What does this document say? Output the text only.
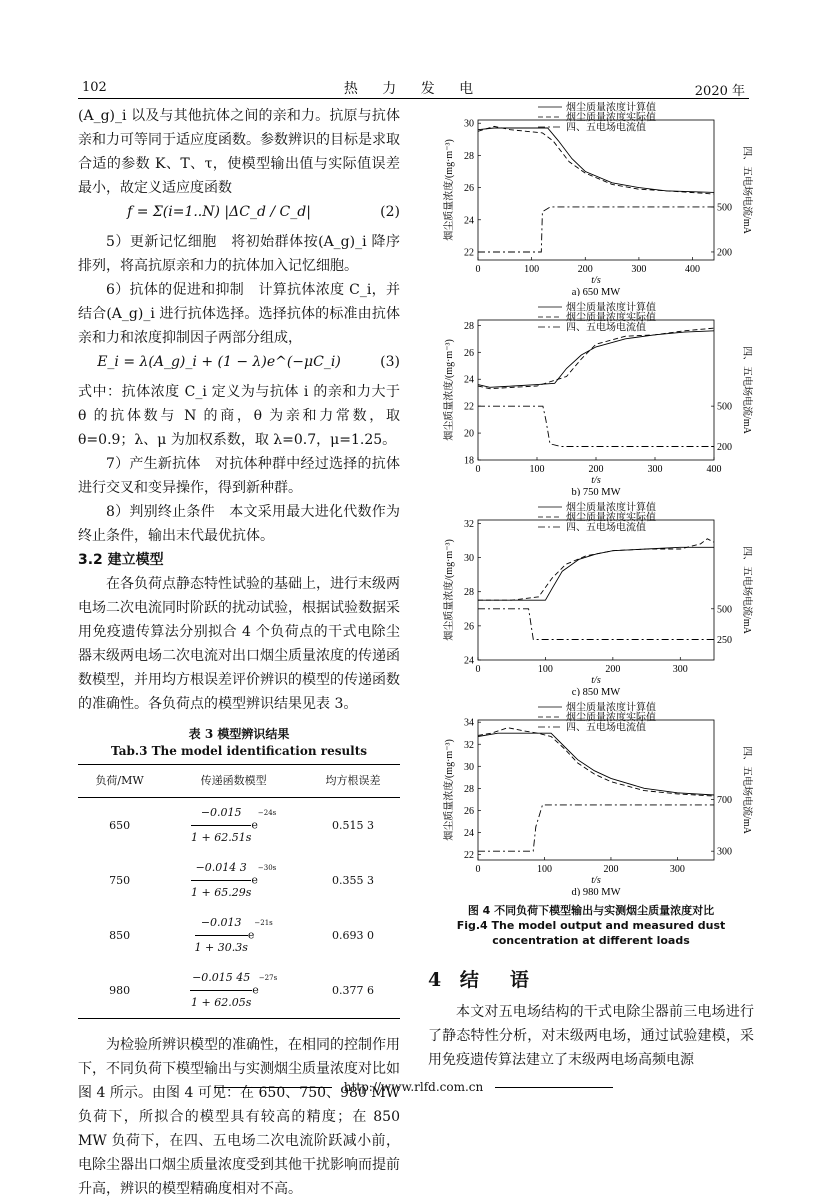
102	热 力 发 电	2020 年

(A_g)_i 以及与其他抗体之间的亲和力。抗原与抗体亲和力可等同于适应度函数。参数辨识的目标是求取合适的参数 K、T、τ，使模型输出值与实际值误差最小，故定义适应度函数

f = Σ(i=1..N) |ΔC_d / C_d|	(2)

5）更新记忆细胞　将初始群体按(A_g)_i 降序排列，将高抗原亲和力的抗体加入记忆细胞。

6）抗体的促进和抑制　计算抗体浓度 C_i，并结合(A_g)_i 进行抗体选择。选择抗体的标准由抗体亲和力和浓度抑制因子两部分组成，

E_i = λ(A_g)_i + (1 − λ)e^(−μC_i)	(3)

式中：抗体浓度 C_i 定义为与抗体 i 的亲和力大于 θ 的抗体数与 N 的商，θ 为亲和力常数，取 θ=0.9；λ、μ 为加权系数，取 λ=0.7，μ=1.25。

7）产生新抗体　对抗体种群中经过选择的抗体进行交叉和变异操作，得到新种群。

8）判别终止条件　本文采用最大进化代数作为终止条件，输出末代最优抗体。

3.2 建立模型

在各负荷点静态特性试验的基础上，进行末级两电场二次电流同时阶跃的扰动试验，根据试验数据采用免疫遗传算法分别拟合 4 个负荷点的干式电除尘器末级两电场二次电流对出口烟尘质量浓度的传递函数模型，并用均方根误差评价辨识的模型的传递函数的准确性。各负荷点的模型辨识结果见表 3。

表 3 模型辨识结果
Tab.3 The model identification results
负荷/MW	传递函数模型	均方根误差
650	$\frac{-0.015}{1 + 62.51s} e-24s$	0.515 3
750	$\frac{-0.014 3}{1 + 65.29s} e-30s$	0.355 3
850	$\frac{-0.013}{1 + 30.3s} e-21s$	0.693 0
980	$\frac{-0.015 45}{1 + 62.05s} e-27s$	0.377 6

为检验所辨识模型的准确性，在相同的控制作用下，不同负荷下模型输出与实测烟尘质量浓度对比如图 4 所示。由图 4 可见：在 650、750、980 MW 负荷下，所拟合的模型具有较高的精度；在 850 MW 负荷下，在四、五电场二次电流阶跃减小前，电除尘器出口烟尘质量浓度受到其他干扰影响而提前升高，辨识的模型精确度相对不高。

烟尘质量浓度计算值
烟尘质量浓度实际值
四、五电场电流值
0	100	200	300	400
22
24
26
28
30
500
200
t/s
烟尘质量浓度/(mg·m⁻³)	四、五电场电流/mA
a) 650 MW
烟尘质量浓度计算值
烟尘质量浓度实际值
四、五电场电流值
0	100	200	300	400
18
20
22
24
26
28
500
200
t/s
烟尘质量浓度/(mg·m⁻³)	四、五电场电流/mA
b) 750 MW
烟尘质量浓度计算值
烟尘质量浓度实际值
四、五电场电流值
0	100	200	300
24
26
28
30
32
500
250
t/s
烟尘质量浓度/(mg·m⁻³)	四、五电场电流/mA
c) 850 MW
烟尘质量浓度计算值
烟尘质量浓度实际值
四、五电场电流值
0	100	200	300
22
24
26
28
30
32
34
700
300
t/s
烟尘质量浓度/(mg·m⁻³)	四、五电场电流/mA
d) 980 MW
图 4 不同负荷下模型输出与实测烟尘质量浓度对比
Fig.4 The model output and measured dust concentration at different loads
4 结　语

本文对五电场结构的干式电除尘器前三电场进行了静态特性分析，对末级两电场，通过试验建模，采用免疫遗传算法建立了末级两电场高频电源

http://www.rlfd.com.cn
